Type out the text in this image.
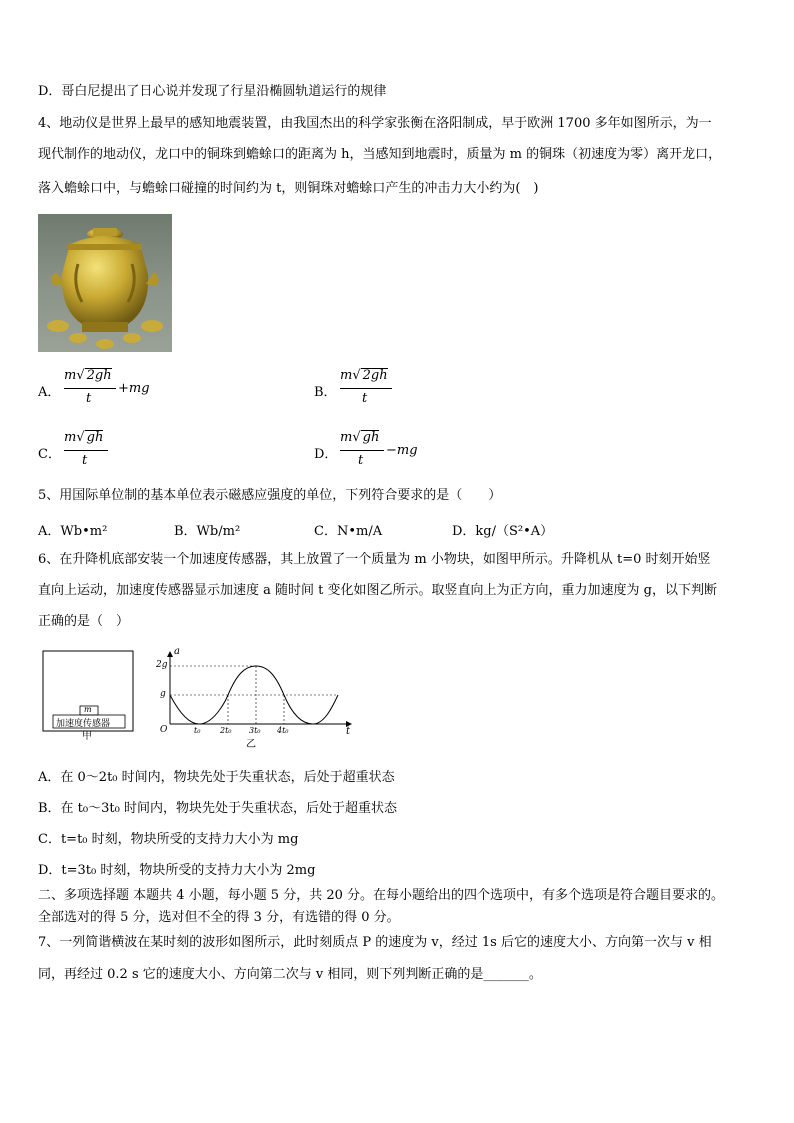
D．哥白尼提出了日心说并发现了行星沿椭圆轨道运行的规律
4、地动仪是世界上最早的感知地震装置，由我国杰出的科学家张衡在洛阳制成，早于欧洲 1700 多年如图所示，为一
现代制作的地动仪，龙口中的铜珠到蟾蜍口的距离为 h，当感知到地震时，质量为 m 的铜珠（初速度为零）离开龙口，
落入蟾蜍口中，与蟾蜍口碰撞的时间约为 t，则铜珠对蟾蜍口产生的冲击力大小约为(　)
A．
m√ 2gh
t
+mg	B．
m√ 2gh
t
C．
m√ gh
t	D．
m√ gh
t
−mg
5、用国际单位制的基本单位表示磁感应强度的单位，下列符合要求的是（　　）
A．Wb•m²	B．Wb/m²	C．N•m/A	D．kg/（S²•A）
6、在升降机底部安装一个加速度传感器，其上放置了一个质量为 m 小物块，如图甲所示。升降机从 t=0 时刻开始竖
直向上运动，加速度传感器显示加速度 a 随时间 t 变化如图乙所示。取竖直向上为正方向，重力加速度为 g，以下判断
正确的是（　）
m
加速度传感器
甲
a
t
2g
g
O	t₀ 2t₀ 3t₀ 4t₀
乙
A．在 0～2t₀ 时间内，物块先处于失重状态，后处于超重状态
B．在 t₀～3t₀ 时间内，物块先处于失重状态，后处于超重状态
C．t=t₀ 时刻，物块所受的支持力大小为 mg
D．t=3t₀ 时刻，物块所受的支持力大小为 2mg
二、多项选择题 本题共 4 小题，每小题 5 分，共 20 分。在每小题给出的四个选项中，有多个选项是符合题目要求的。
全部选对的得 5 分，选对但不全的得 3 分，有选错的得 0 分。
7、一列简谐横波在某时刻的波形如图所示，此时刻质点 P 的速度为 v，经过 1s 后它的速度大小、方向第一次与 v 相
同，再经过 0.2 s 它的速度大小、方向第二次与 v 相同，则下列判断正确的是_______。
